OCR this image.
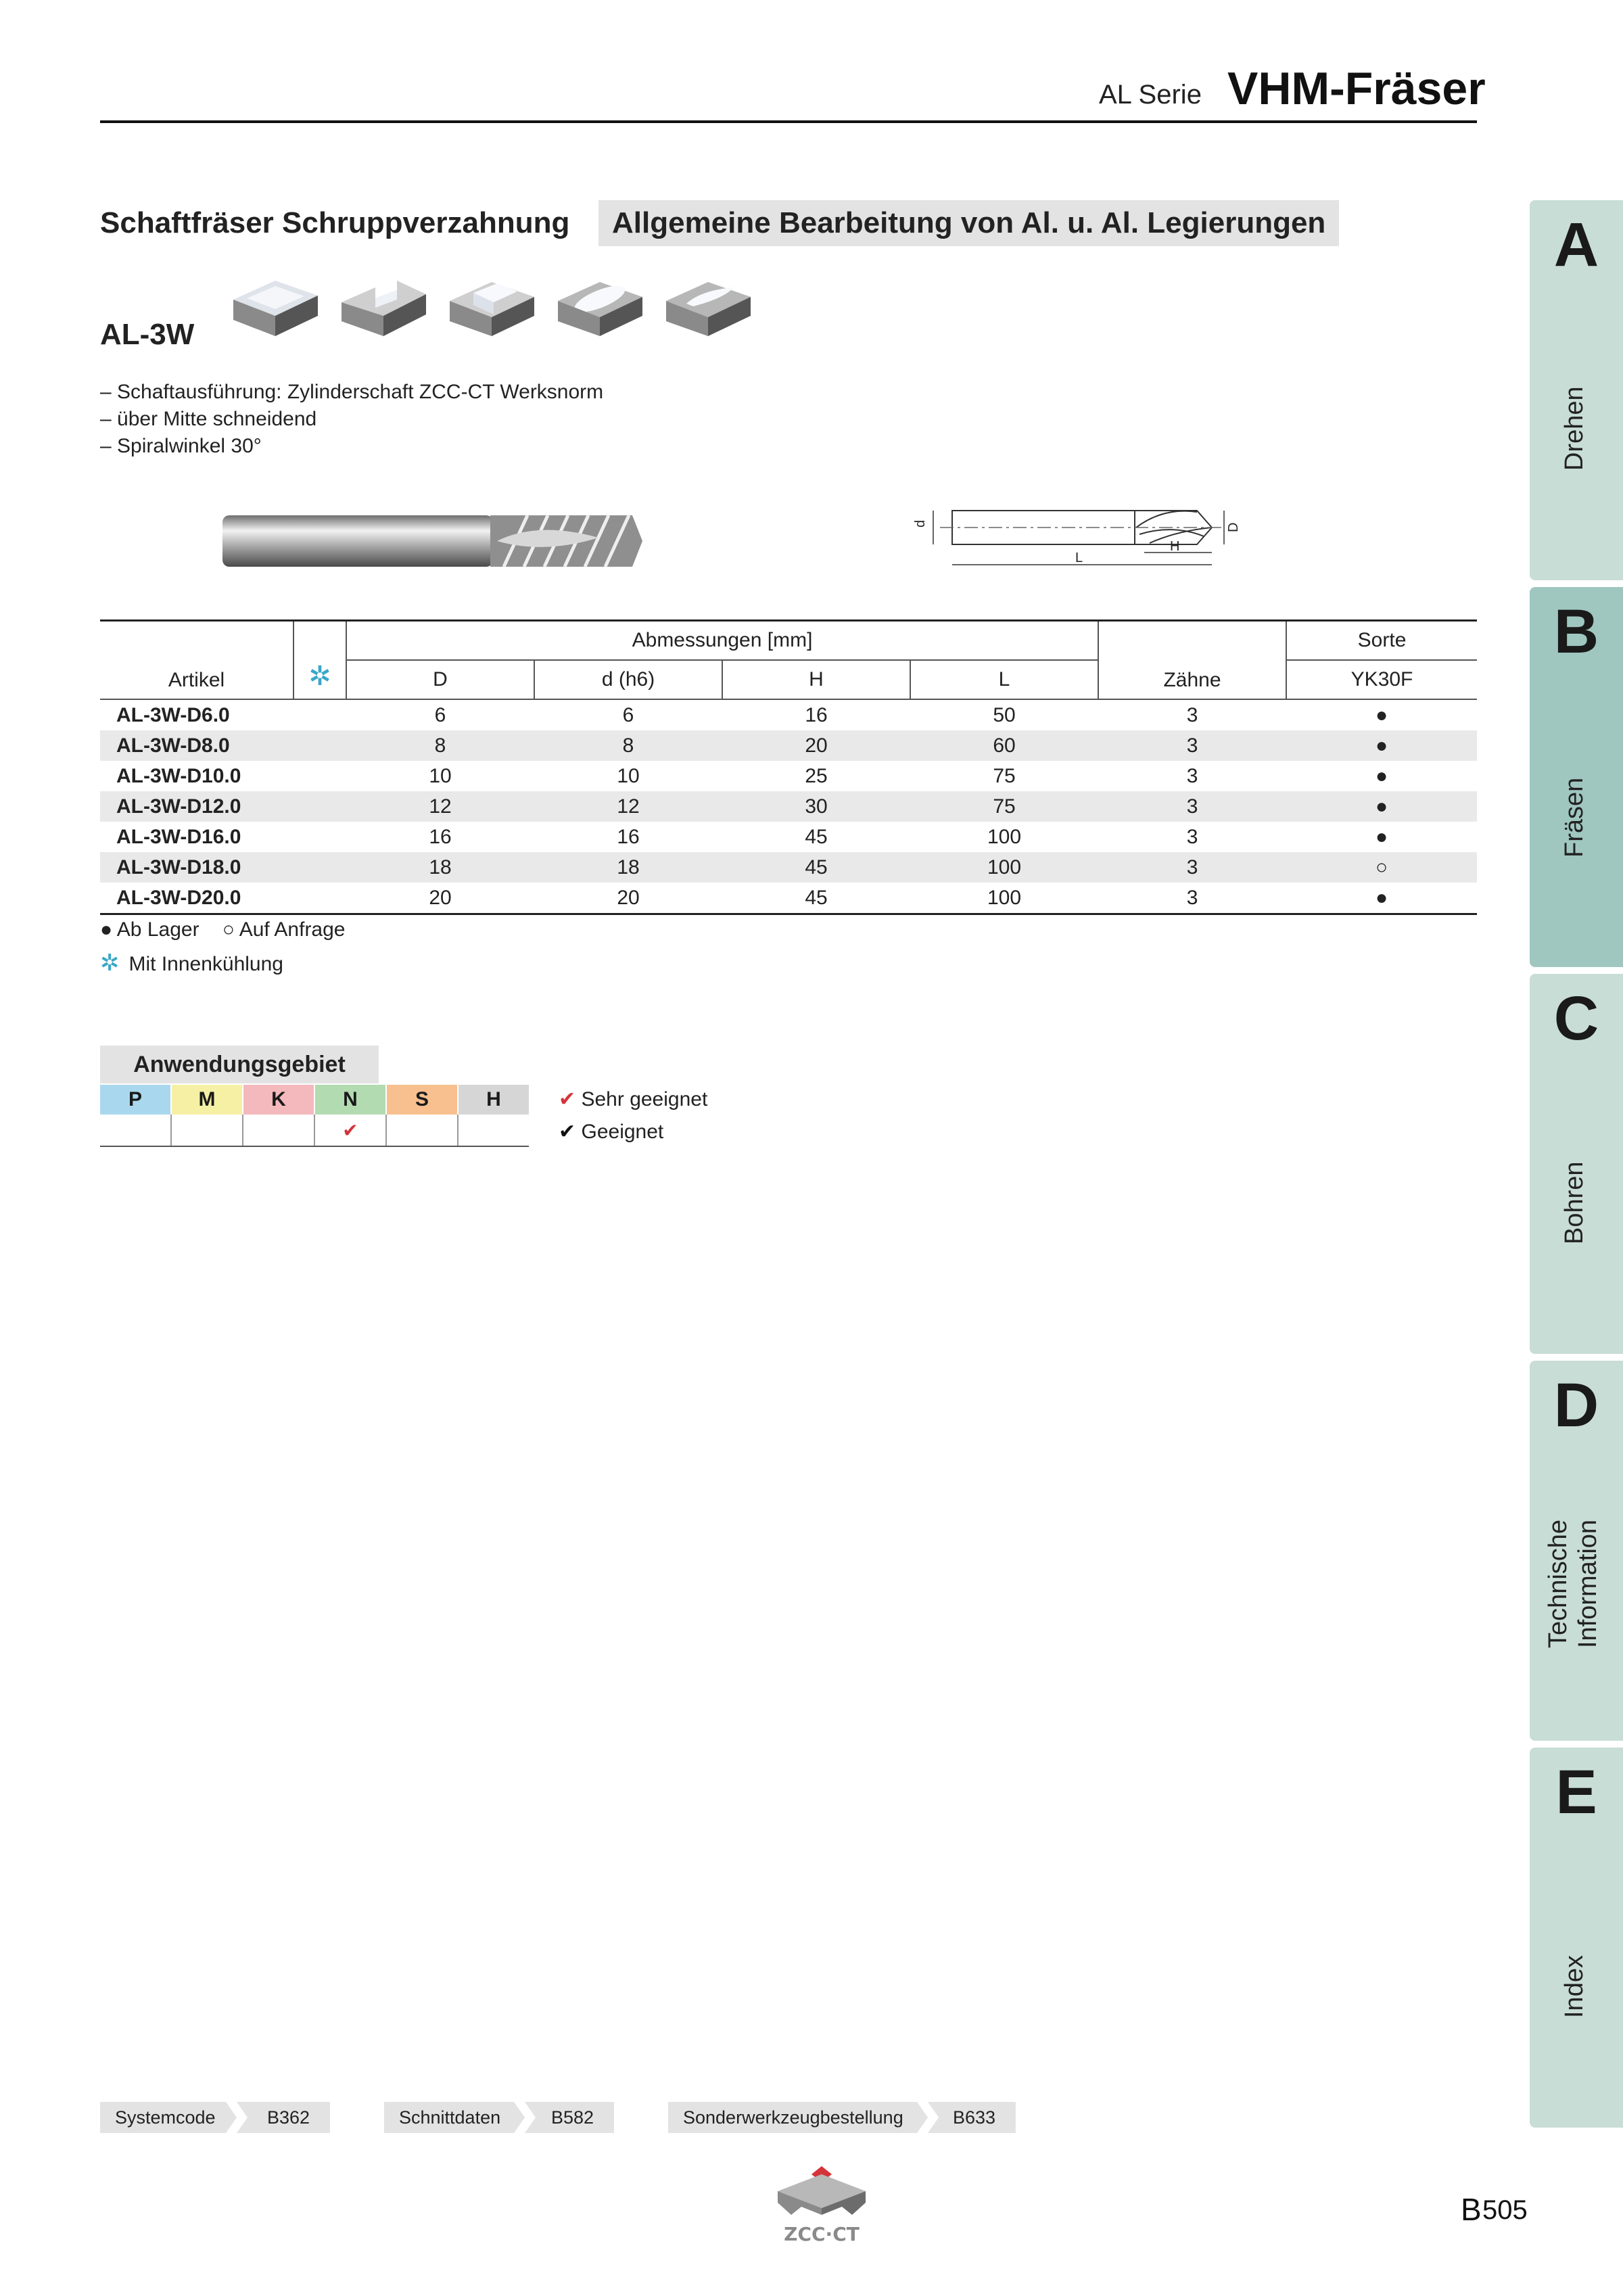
AL Serie VHM-Fräser
Schaftfräser Schruppverzahnung	Allgemeine Bearbeitung von Al. u. Al. Legierungen
AL-3W
– Schaftausführung: Zylinderschaft ZCC-CT Werksnorm
– über Mitte schneidend
– Spiralwinkel 30°
d	D
H
L
Artikel	✲	Abmessungen [mm]				Zähne	Sorte
		D	d (h6)	H	L		YK30F
AL-3W-D6.0		6	6	16	50	3	●
AL-3W-D8.0		8	8	20	60	3	●
AL-3W-D10.0		10	10	25	75	3	●
AL-3W-D12.0		12	12	30	75	3	●
AL-3W-D16.0		16	16	45	100	3	●
AL-3W-D18.0		18	18	45	100	3	○
AL-3W-D20.0		20	20	45	100	3	●
● Ab Lager ○ Auf Anfrage
✲ Mit Innenkühlung
Anwendungsgebiet
P	M	K	N	S	H
			✔		
✔ Sehr geeignet
✔ Geeignet
A
Drehen
B
Fräsen
C
Bohren
D
Technische Information
E
Index
Systemcode	B362	Schnittdaten	B582	Sonderwerkzeugbestellung	B633
ZCC·CT
B 505
